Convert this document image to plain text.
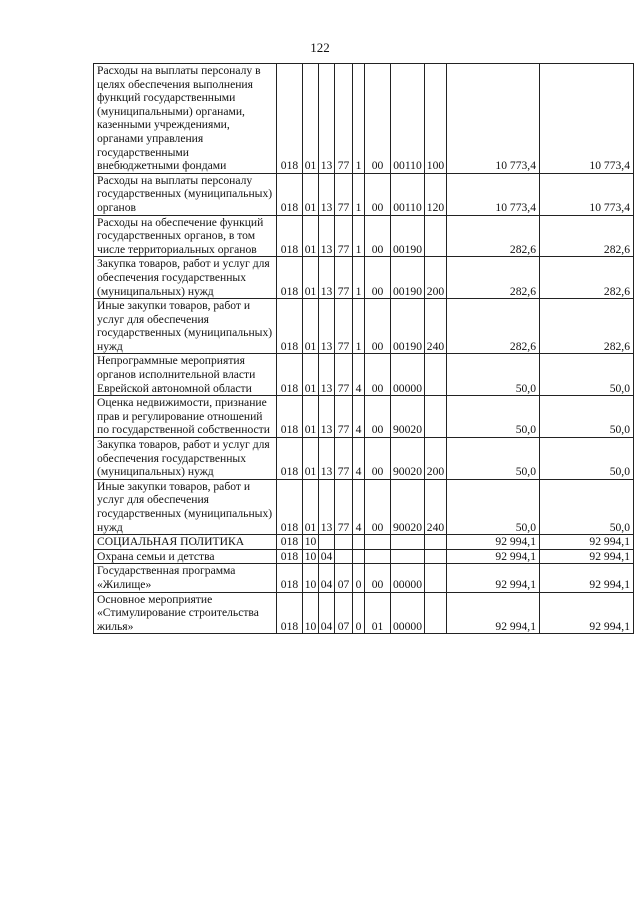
122
Расходы на выплаты персоналу в целях обеспечения выполнения функций государственными (муниципальными) органами, казенными учреждениями, органами управления государственными внебюджетными фондами	018	01	13	77	1	00	00110	100	10 773,4	10 773,4
Расходы на выплаты персоналу государственных (муниципальных) органов	018	01	13	77	1	00	00110	120	10 773,4	10 773,4
Расходы на обеспечение функций государственных органов, в том числе территориальных органов	018	01	13	77	1	00	00190		282,6	282,6
Закупка товаров, работ и услуг для обеспечения государственных (муниципальных) нужд	018	01	13	77	1	00	00190	200	282,6	282,6
Иные закупки товаров, работ и услуг для обеспечения государственных (муниципальных) нужд	018	01	13	77	1	00	00190	240	282,6	282,6
Непрограммные мероприятия органов исполнительной власти Еврейской автономной области	018	01	13	77	4	00	00000		50,0	50,0
Оценка недвижимости, признание прав и регулирование отношений по государственной собственности	018	01	13	77	4	00	90020		50,0	50,0
Закупка товаров, работ и услуг для обеспечения государственных (муниципальных) нужд	018	01	13	77	4	00	90020	200	50,0	50,0
Иные закупки товаров, работ и услуг для обеспечения государственных (муниципальных) нужд	018	01	13	77	4	00	90020	240	50,0	50,0
СОЦИАЛЬНАЯ ПОЛИТИКА	018	10							92 994,1	92 994,1
Охрана семьи и детства	018	10	04						92 994,1	92 994,1
Государственная программа «Жилище»	018	10	04	07	0	00	00000		92 994,1	92 994,1
Основное мероприятие «Стимулирование строительства жилья»	018	10	04	07	0	01	00000		92 994,1	92 994,1
